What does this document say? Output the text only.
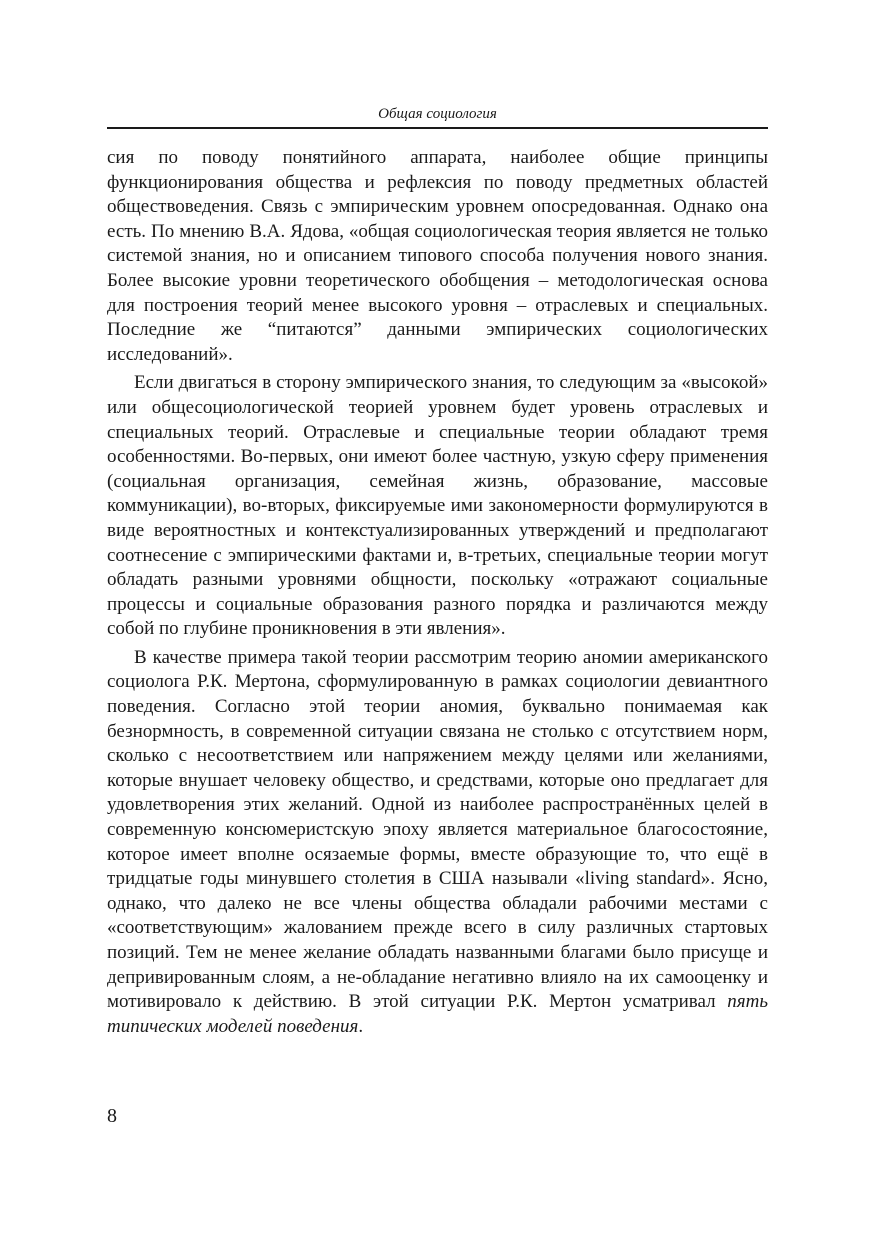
Общая социология

сия по поводу понятийного аппарата, наиболее общие принципы функционирования общества и рефлексия по поводу предметных областей обществоведения. Связь с эмпирическим уровнем опосредованная. Однако она есть. По мнению В.А. Ядова, «общая социологическая теория является не только системой знания, но и описанием типового способа получения нового знания. Более высокие уровни теоретического обобщения – методологическая основа для построения теорий менее высокого уровня – отраслевых и специальных. Последние же “питаются” данными эмпирических социологических исследований».

Если двигаться в сторону эмпирического знания, то следующим за «высокой» или общесоциологической теорией уровнем будет уровень отраслевых и специальных теорий. Отраслевые и специальные теории обладают тремя особенностями. Во-первых, они имеют более частную, узкую сферу применения (социальная организация, семейная жизнь, образование, массовые коммуникации), во-вторых, фиксируемые ими закономерности формулируются в виде вероятностных и контекстуализированных утверждений и предполагают соотнесение с эмпирическими фактами и, в-третьих, специальные теории могут обладать разными уровнями общности, поскольку «отражают социальные процессы и социальные образования разного порядка и различаются между собой по глубине проникновения в эти явления».

В качестве примера такой теории рассмотрим теорию аномии американского социолога Р.К. Мертона, сформулированную в рамках социологии девиантного поведения. Согласно этой теории аномия, буквально понимаемая как безнормность, в современной ситуации связана не столько с отсутствием норм, сколько с несоответствием или напряжением между целями или желаниями, которые внушает человеку общество, и средствами, которые оно предлагает для удовлетворения этих желаний. Одной из наиболее распространённых целей в современную консюмеристскую эпоху является материальное благосостояние, которое имеет вполне осязаемые формы, вместе образующие то, что ещё в тридцатые годы минувшего столетия в США называли «living standard». Ясно, однако, что далеко не все члены общества обладали рабочими местами с «соответствующим» жалованием прежде всего в силу различных стартовых позиций. Тем не менее желание обладать названными благами было присуще и депривированным слоям, а не-обладание негативно влияло на их самооценку и мотивировало к действию. В этой ситуации Р.К. Мертон усматривал пять типических моделей поведения.

8
